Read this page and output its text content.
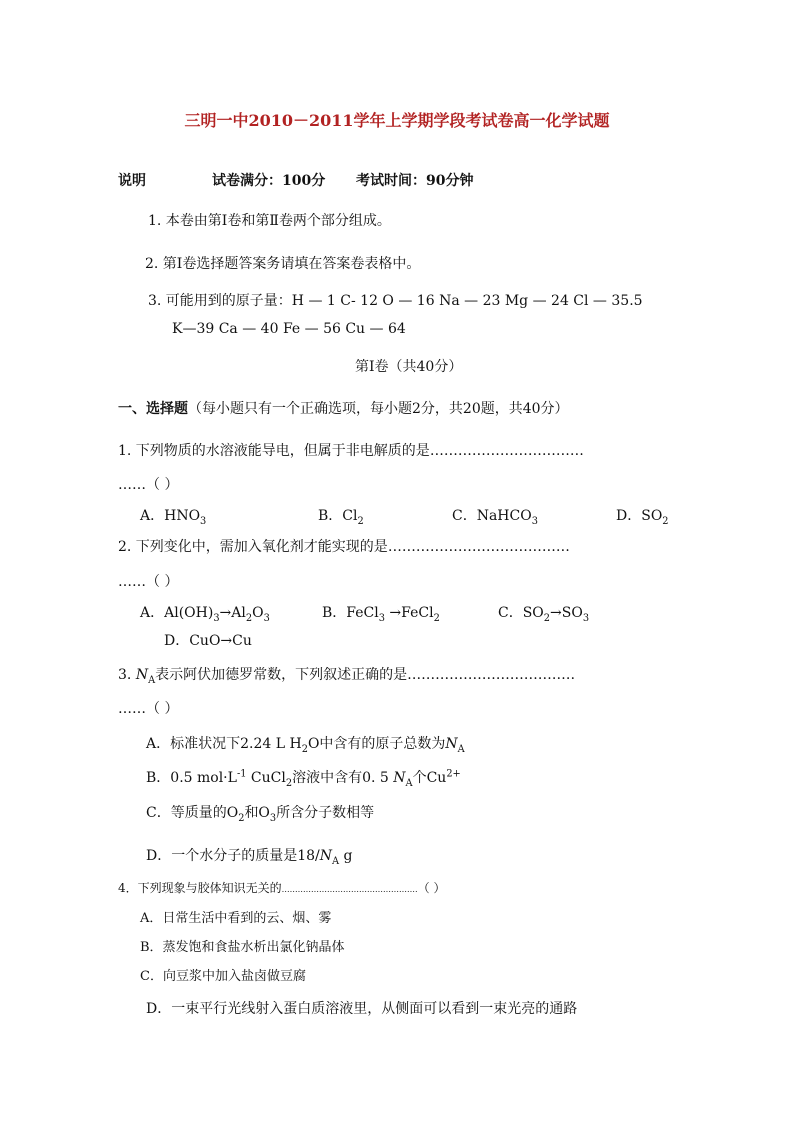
三明一中2010－2011学年上学期学段考试卷高一化学试题
说明	试卷满分：100分 考试时间：90分钟
1. 本卷由第Ⅰ卷和第Ⅱ卷两个部分组成。
2. 第Ⅰ卷选择题答案务请填在答案卷表格中。
3. 可能用到的原子量：H — 1 C- 12 O — 16 Na — 23 Mg — 24 Cl — 35.5
K—39 Ca — 40 Fe — 56 Cu — 64
第Ⅰ卷（共40分）
一、选择题（每小题只有一个正确选项，每小题2分，共20题，共40分）
1. 下列物质的水溶液能导电，但属于非电解质的是……………………………
……（ ）
A．$HNO_3$	B．$Cl_2$	C．NaHCO$_3$	D．$SO_2$
2. 下列变化中，需加入氧化剂才能实现的是…………………………………
……（ ）
A．$Al(OH)_3\to Al_2O_3$	B．FeCl$_3$ →FeCl$_2$	C．$SO_2\to SO_3$
D．CuO→Cu
3. $N_A$表示阿伏加德罗常数，下列叙述正确的是………………………………
……（ ）
A．标准状况下2.24 L $H_2O$中含有的原子总数为$N_A$
B．0.5 $mol\cdot L^{-1}$ CuCl$_2$溶液中含有0. 5 $N_A$个$Cu^{2+}$
C．等质量的$O_2$和$O_3$所含分子数相等
D．一个水分子的质量是$18/N_A$ g
4．下列现象与胶体知识无关的……………………………………………（ ）
A．日常生活中看到的云、烟、雾
B．蒸发饱和食盐水析出氯化钠晶体
C．向豆浆中加入盐卤做豆腐
D．一束平行光线射入蛋白质溶液里，从侧面可以看到一束光亮的通路
